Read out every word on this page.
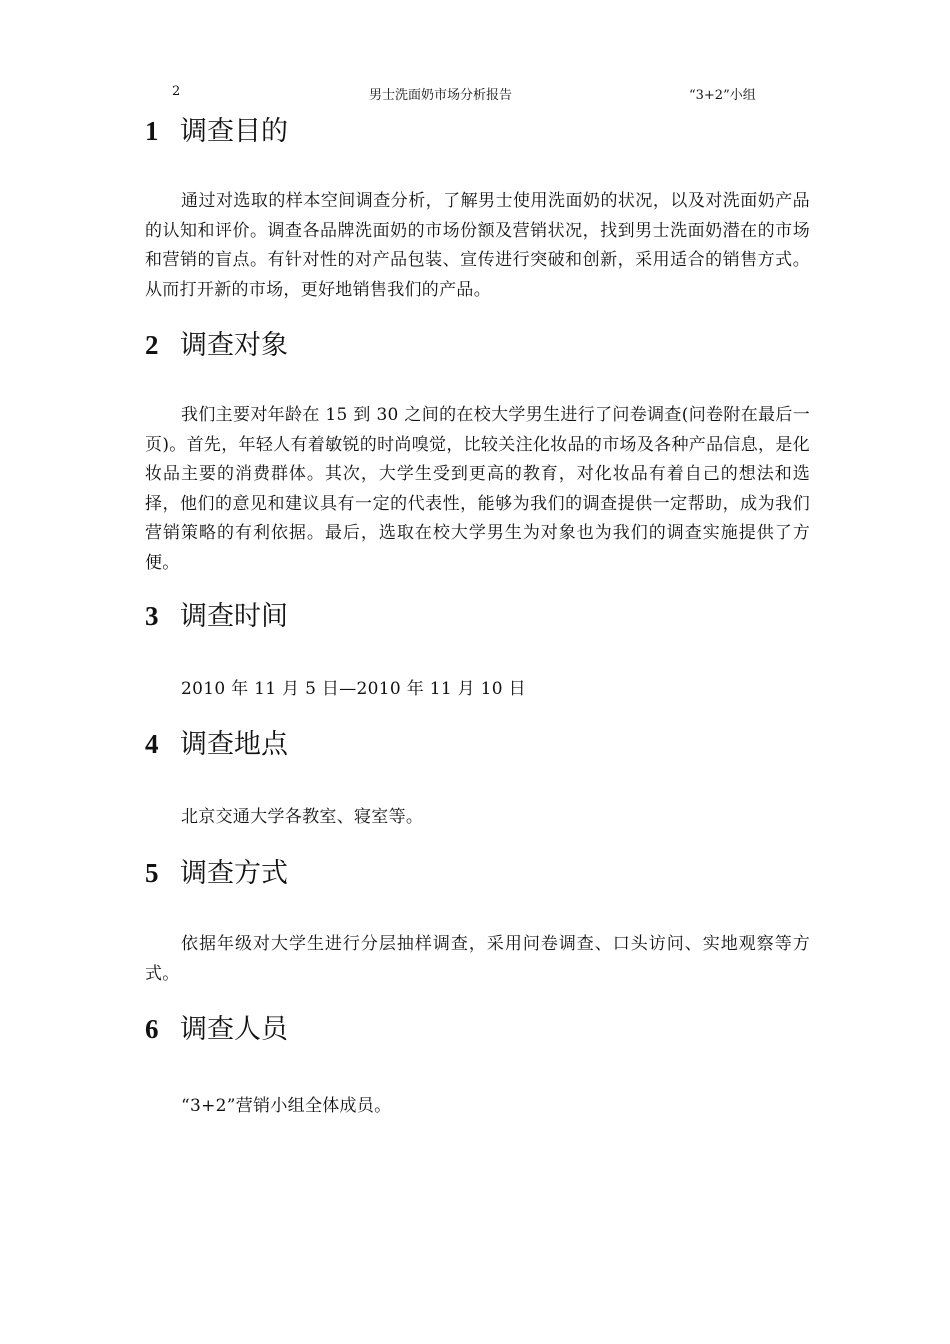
2	男士洗面奶市场分析报告	“3+2”小组
1 调查目的

通过对选取的样本空间调查分析，了解男士使用洗面奶的状况，以及对洗面奶产品的认知和评价。调查各品牌洗面奶的市场份额及营销状况，找到男士洗面奶潜在的市场和营销的盲点。有针对性的对产品包装、宣传进行突破和创新，采用适合的销售方式。从而打开新的市场，更好地销售我们的产品。

2 调查对象

我们主要对年龄在 15 到 30 之间的在校大学男生进行了问卷调查(问卷附在最后一页)。首先，年轻人有着敏锐的时尚嗅觉，比较关注化妆品的市场及各种产品信息，是化妆品主要的消费群体。其次，大学生受到更高的教育，对化妆品有着自己的想法和选择，他们的意见和建议具有一定的代表性，能够为我们的调查提供一定帮助，成为我们营销策略的有利依据。最后，选取在校大学男生为对象也为我们的调查实施提供了方便。

3 调查时间

2010 年 11 月 5 日—2010 年 11 月 10 日

4 调查地点

北京交通大学各教室、寝室等。

5 调查方式

依据年级对大学生进行分层抽样调查，采用问卷调查、口头访问、实地观察等方式。

6 调查人员

“3+2”营销小组全体成员。
